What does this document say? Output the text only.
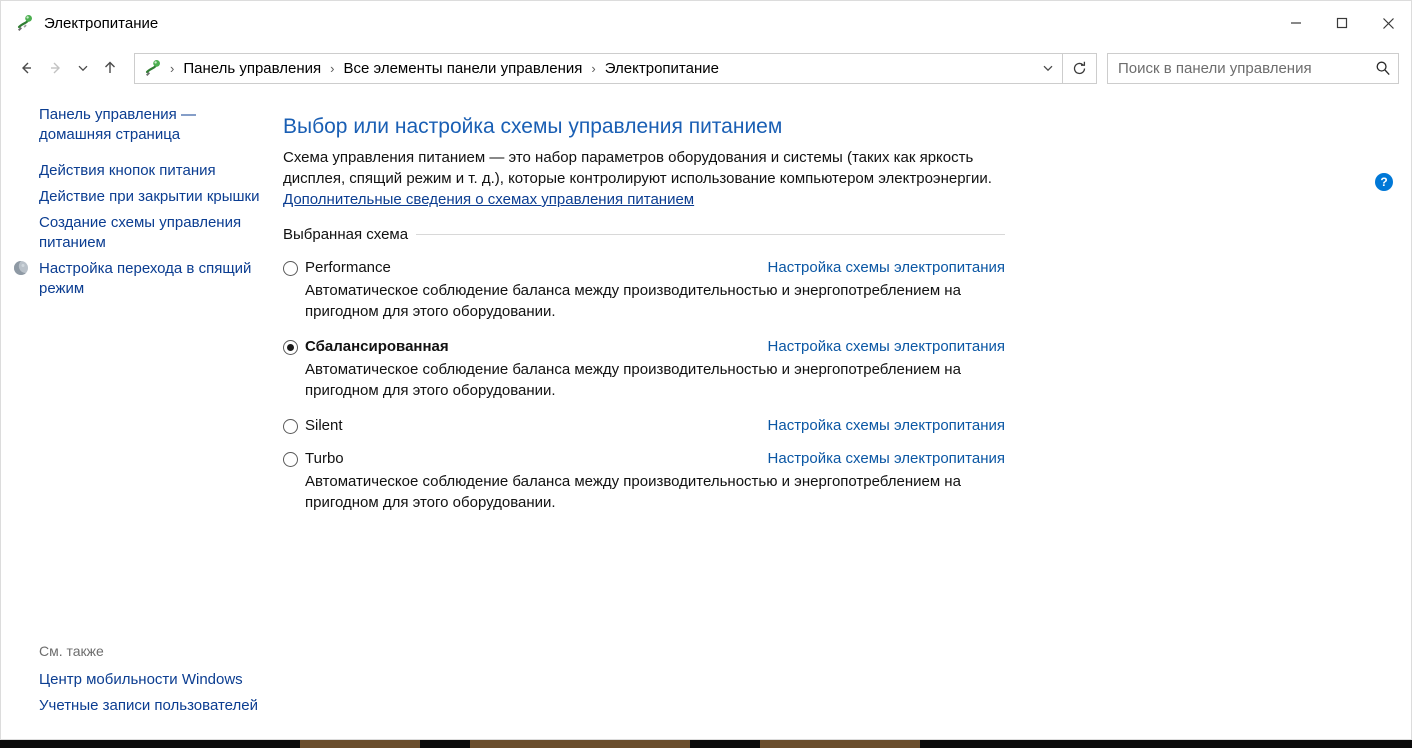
Электропитание
› Панель управления › Все элементы панели управления › Электропитание
Поиск в панели управления
Панель управления — домашняя страница
Действия кнопок питания
Действие при закрытии крышки
Создание схемы управления питанием
Настройка перехода в спящий режим
См. также
Центр мобильности Windows
Учетные записи пользователей
?
Выбор или настройка схемы управления питанием
Схема управления питанием — это набор параметров оборудования и системы (таких как яркость дисплея, спящий режим и т. д.), которые контролируют использование компьютером электроэнергии.
Дополнительные сведения о схемах управления питанием
Выбранная схема
Performance	Настройка схемы электропитания
Автоматическое соблюдение баланса между производительностью и энергопотреблением на пригодном для этого оборудовании.
Сбалансированная	Настройка схемы электропитания
Автоматическое соблюдение баланса между производительностью и энергопотреблением на пригодном для этого оборудовании.
Silent	Настройка схемы электропитания
Turbo	Настройка схемы электропитания
Автоматическое соблюдение баланса между производительностью и энергопотреблением на пригодном для этого оборудовании.
